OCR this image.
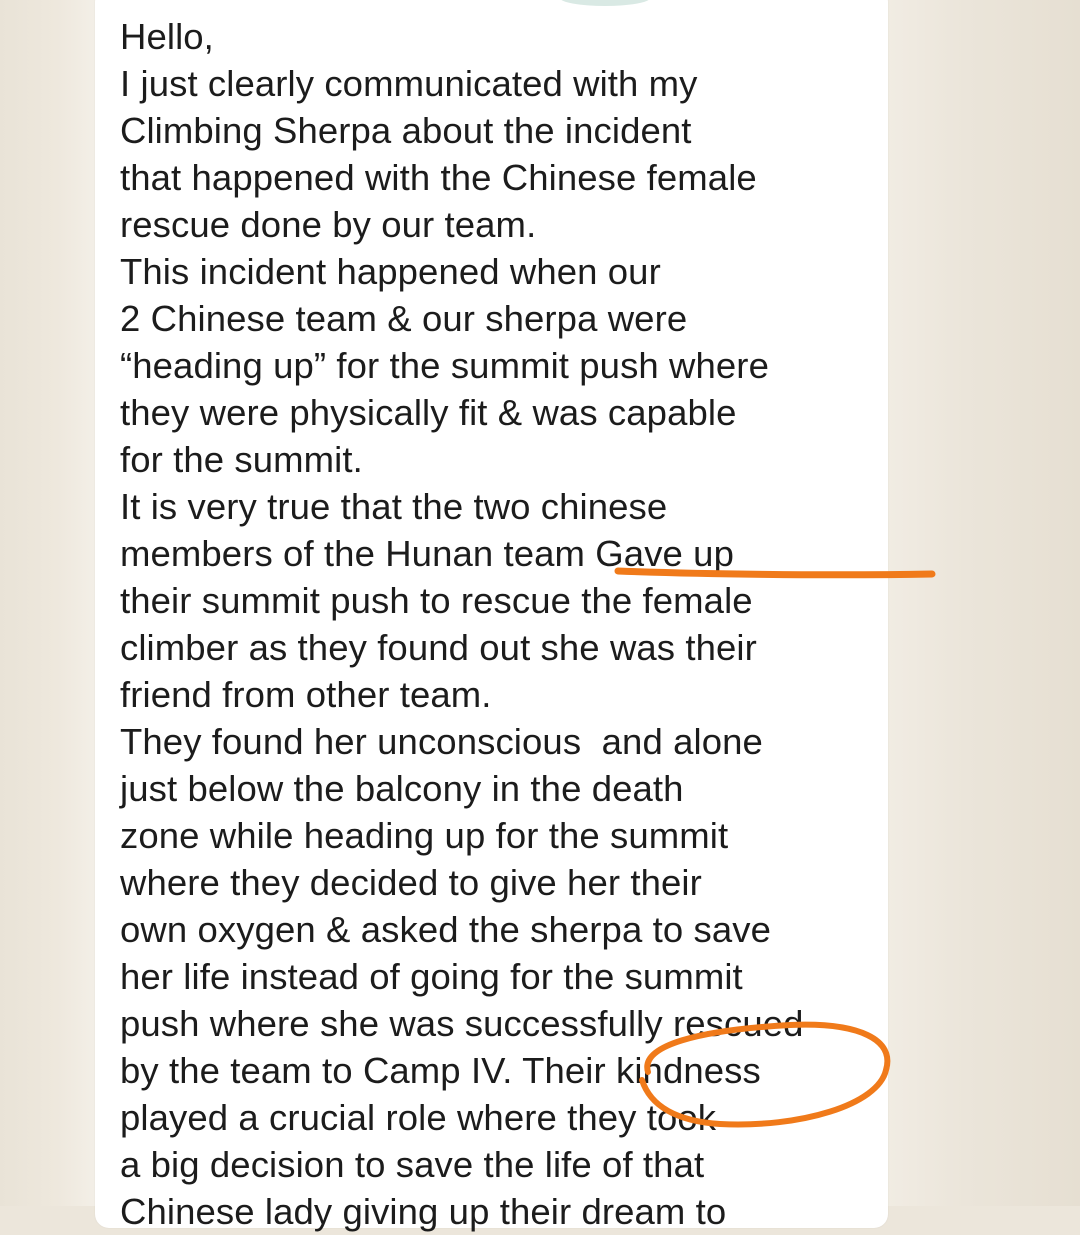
Hello,
I just clearly communicated with my
Climbing Sherpa about the incident
that happened with the Chinese female
rescue done by our team.
This incident happened when our
2 Chinese team & our sherpa were
“heading up” for the summit push where
they were physically fit & was capable
for the summit.
It is very true that the two chinese
members of the Hunan team Gave up
their summit push to rescue the female
climber as they found out she was their
friend from other team.
They found her unconscious  and alone
just below the balcony in the death
zone while heading up for the summit
where they decided to give her their
own oxygen & asked the sherpa to save
her life instead of going for the summit
push where she was successfully rescued
by the team to Camp IV. Their kindness
played a crucial role where they took
a big decision to save the life of that
Chinese lady giving up their dream to
